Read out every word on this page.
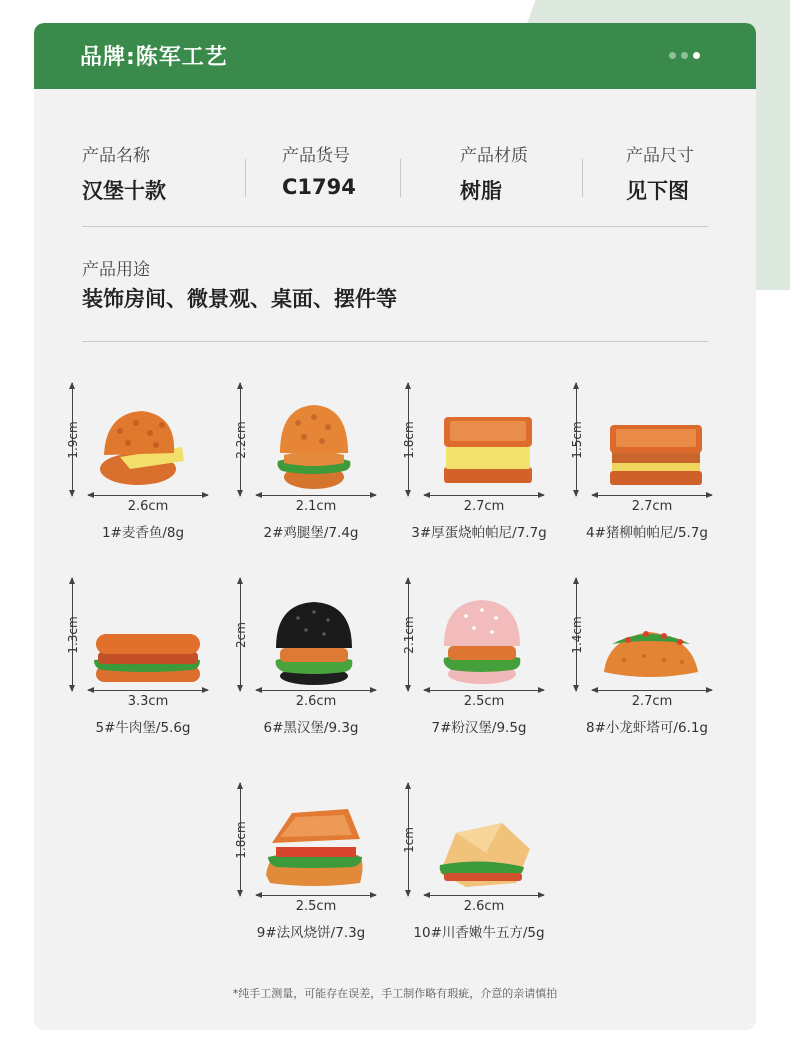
品牌:陈军工艺
产品名称
汉堡十款
产品货号
C1794
产品材质
树脂
产品尺寸
见下图
产品用途
装饰房间、微景观、桌面、摆件等
1.9cm
2.6cm
1#麦香鱼/8g
2.2cm
2.1cm
2#鸡腿堡/7.4g
1.8cm
2.7cm
3#厚蛋烧帕帕尼/7.7g
1.5cm
2.7cm
4#猪柳帕帕尼/5.7g
1.3cm
3.3cm
5#牛肉堡/5.6g
2cm
2.6cm
6#黑汉堡/9.3g
2.1cm
2.5cm
7#粉汉堡/9.5g
1.4cm
2.7cm
8#小龙虾塔可/6.1g
1.8cm
2.5cm
9#法风烧饼/7.3g
1cm
2.6cm
10#川香嫩牛五方/5g
*纯手工测量，可能存在误差，手工制作略有瑕疵，介意的亲请慎拍
